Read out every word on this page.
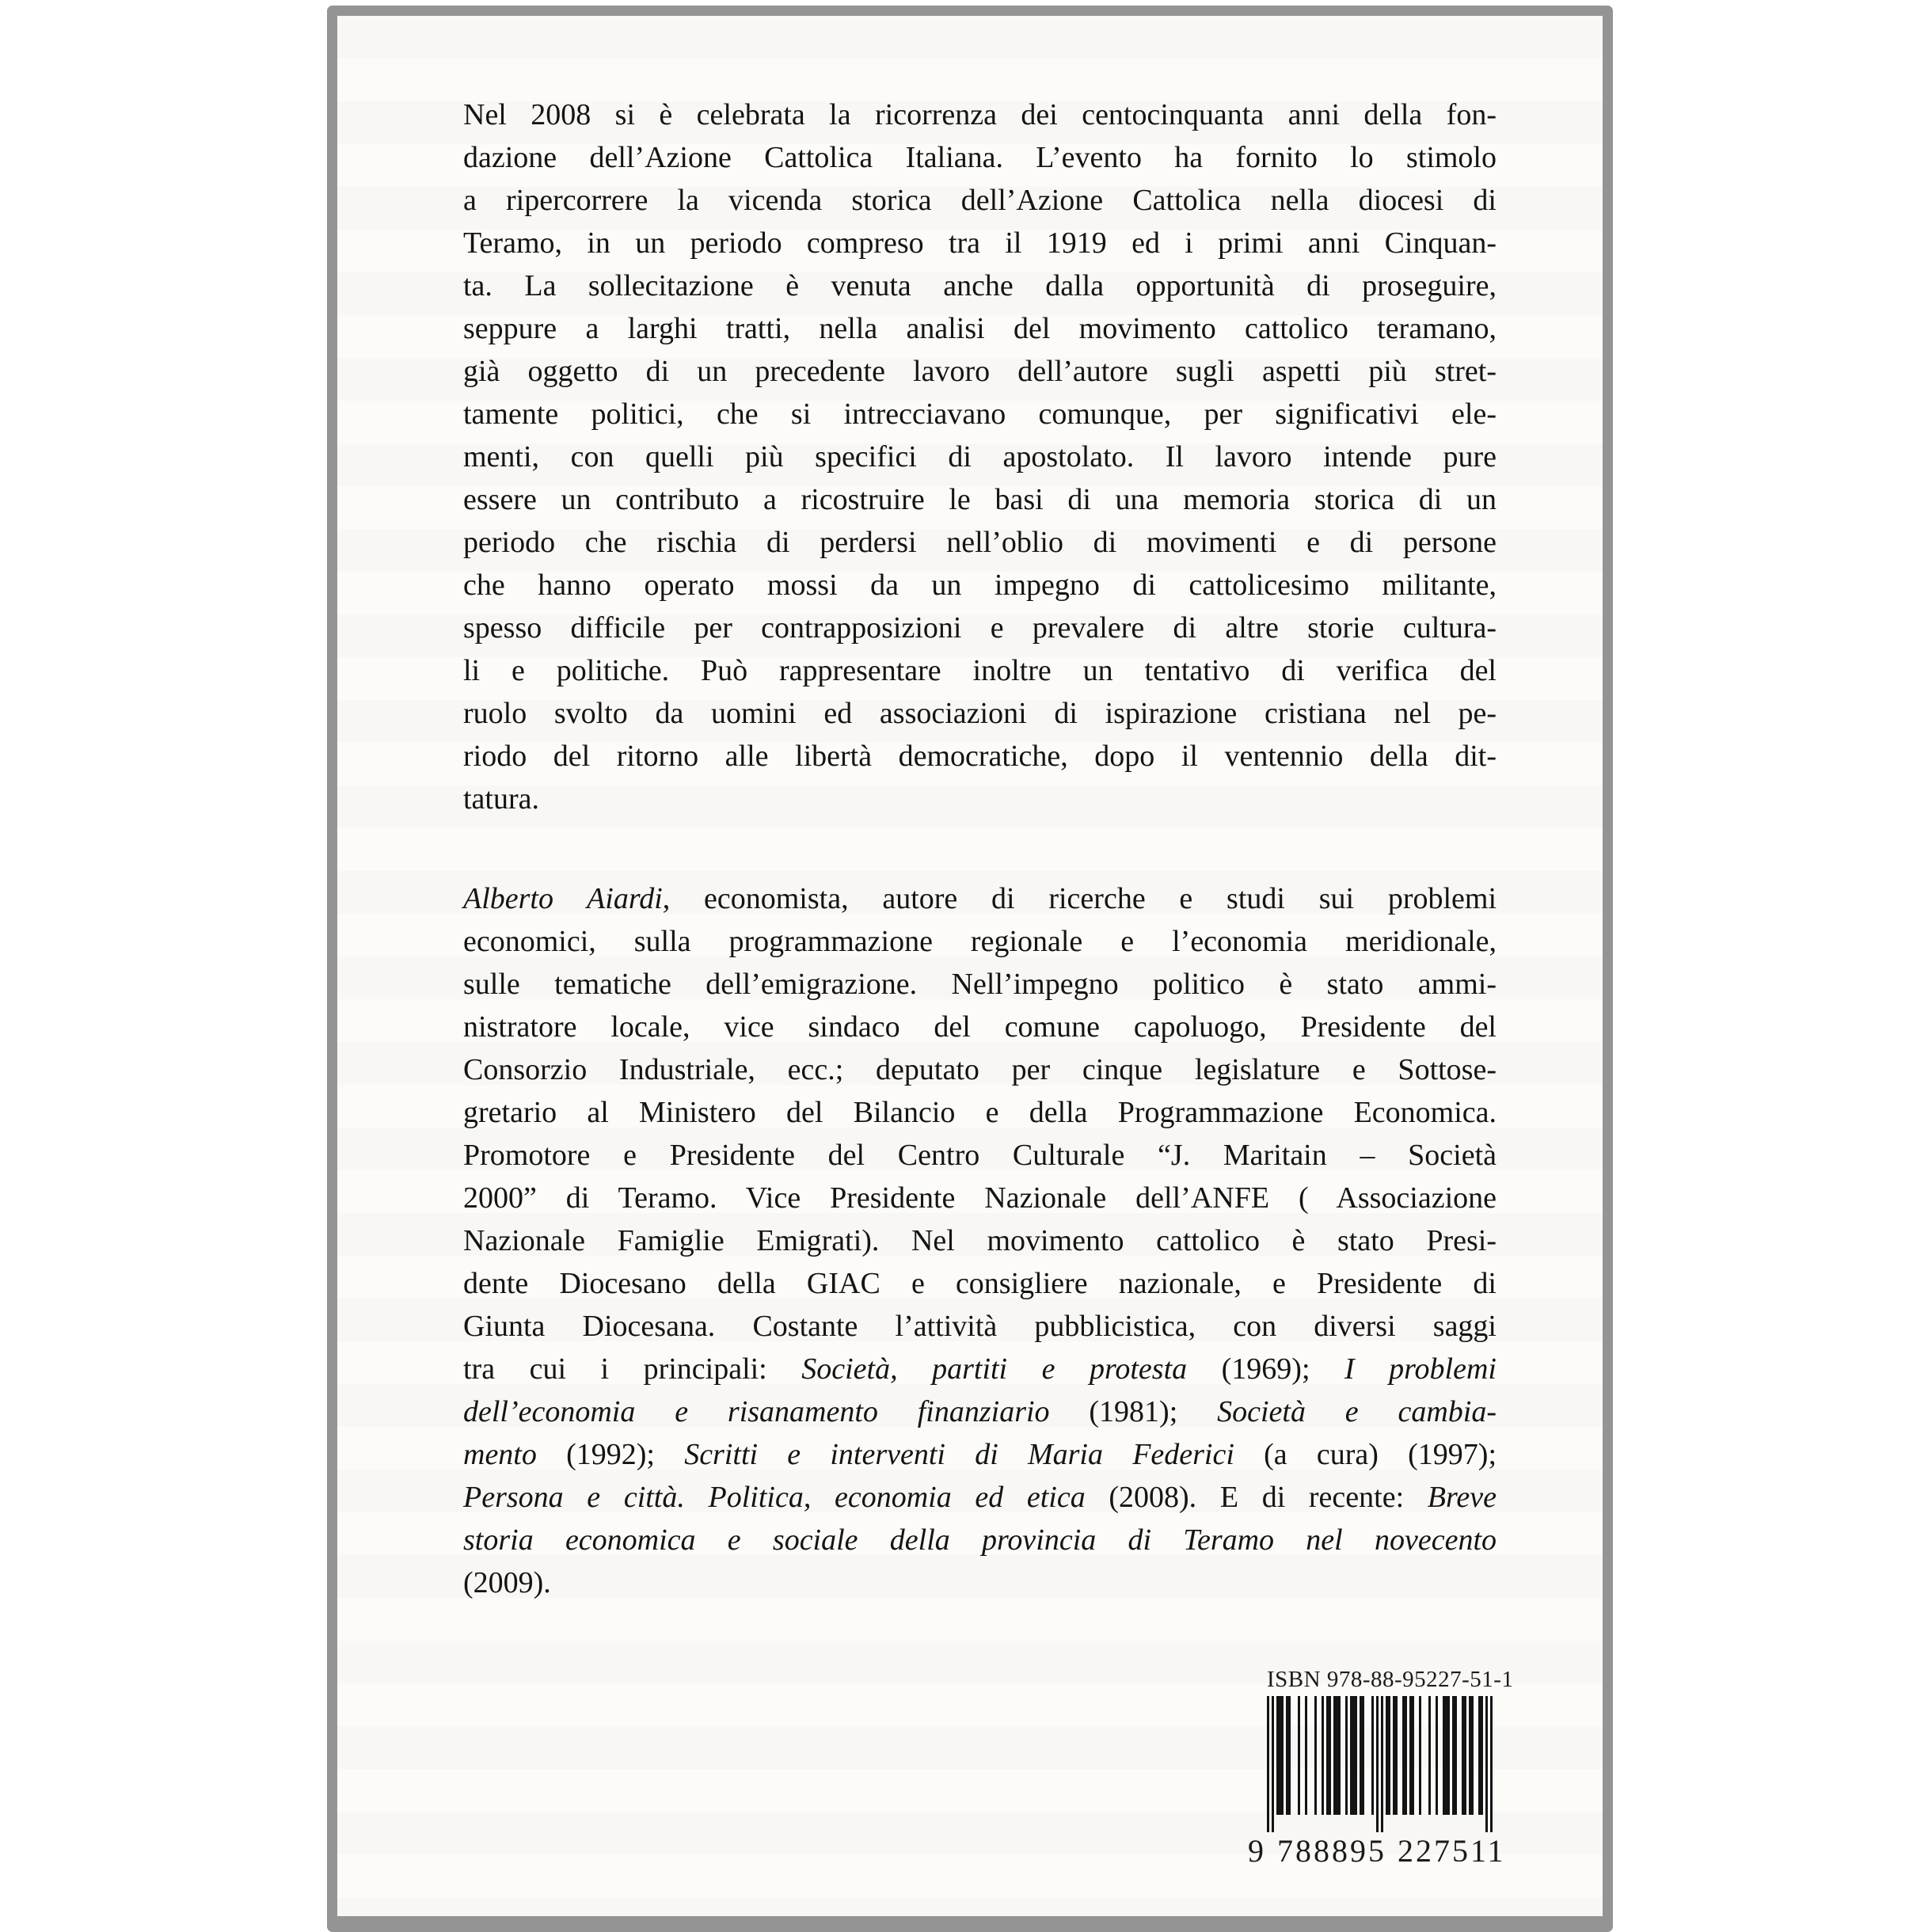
Nel 2008 si è celebrata la ricorrenza dei centocinquanta anni della fon-
dazione dell’Azione Cattolica Italiana. L’evento ha fornito lo stimolo
a ripercorrere la vicenda storica dell’Azione Cattolica nella diocesi di
Teramo, in un periodo compreso tra il 1919 ed i primi anni Cinquan-
ta. La sollecitazione è venuta anche dalla opportunità di proseguire,
seppure a larghi tratti, nella analisi del movimento cattolico teramano,
già oggetto di un precedente lavoro dell’autore sugli aspetti più stret-
tamente politici, che si intrecciavano comunque, per significativi ele-
menti, con quelli più specifici di apostolato. Il lavoro intende pure
essere un contributo a ricostruire le basi di una memoria storica di un
periodo che rischia di perdersi nell’oblio di movimenti e di persone
che hanno operato mossi da un impegno di cattolicesimo militante,
spesso difficile per contrapposizioni e prevalere di altre storie cultura-
li e politiche. Può rappresentare inoltre un tentativo di verifica del
ruolo svolto da uomini ed associazioni di ispirazione cristiana nel pe-
riodo del ritorno alle libertà democratiche, dopo il ventennio della dit-
tatura.
Alberto Aiardi, economista, autore di ricerche e studi sui problemi
economici, sulla programmazione regionale e l’economia meridionale,
sulle tematiche dell’emigrazione. Nell’impegno politico è stato ammi-
nistratore locale, vice sindaco del comune capoluogo, Presidente del
Consorzio Industriale, ecc.; deputato per cinque legislature e Sottose-
gretario al Ministero del Bilancio e della Programmazione Economica.
Promotore e Presidente del Centro Culturale “J. Maritain – Società
2000” di Teramo. Vice Presidente Nazionale dell’ANFE ( Associazione
Nazionale Famiglie Emigrati). Nel movimento cattolico è stato Presi-
dente Diocesano della GIAC e consigliere nazionale, e Presidente di
Giunta Diocesana. Costante l’attività pubblicistica, con diversi saggi
tra cui i principali: Società, partiti e protesta (1969); I problemi
dell’economia e risanamento finanziario (1981); Società e cambia-
mento (1992); Scritti e interventi di Maria Federici (a cura) (1997);
Persona e città. Politica, economia ed etica (2008). E di recente: Breve
storia economica e sociale della provincia di Teramo nel novecento
(2009).
ISBN 978-88-95227-51-1
9 788895 227511
